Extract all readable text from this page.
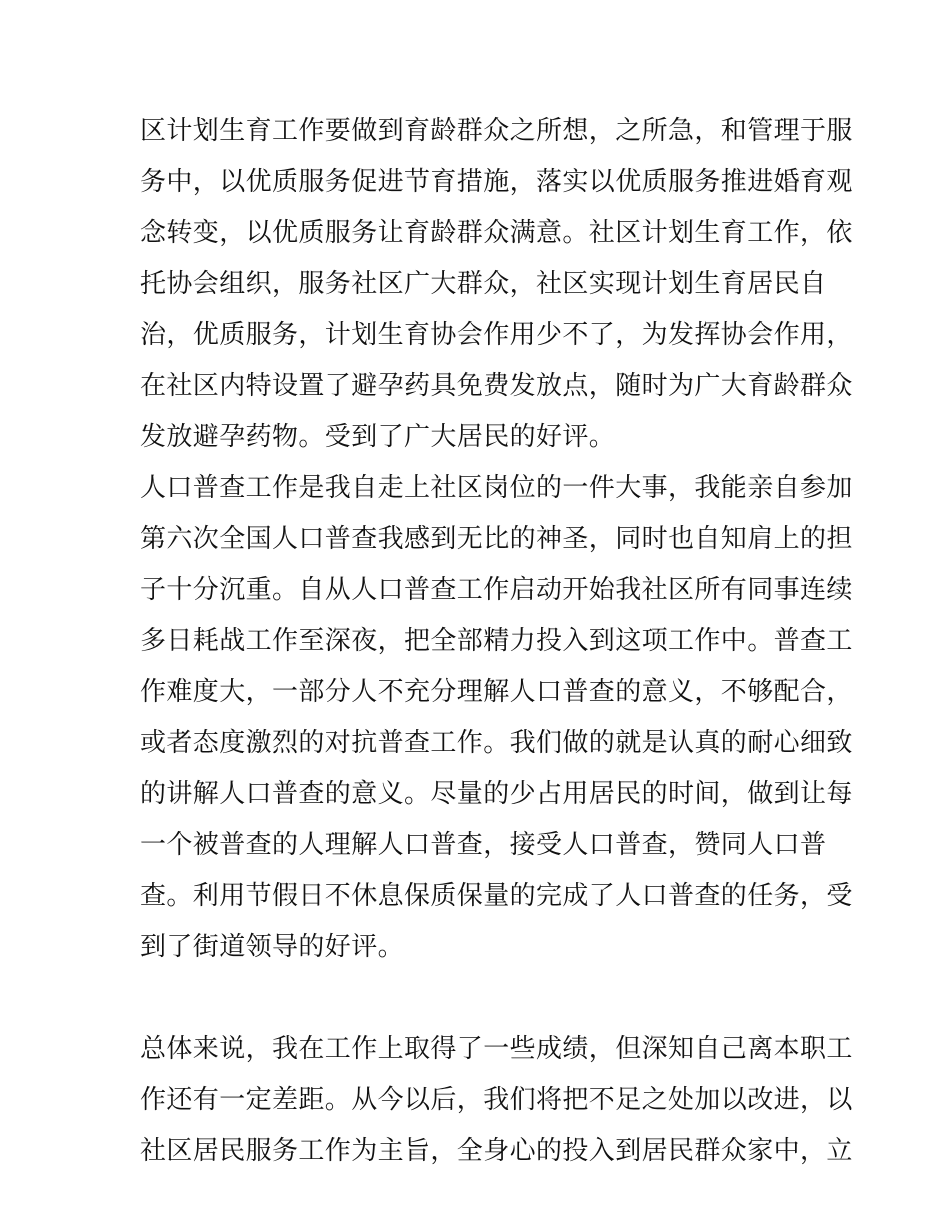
区计划生育工作要做到育龄群众之所想，之所急，和管理于服
务中，以优质服务促进节育措施，落实以优质服务推进婚育观
念转变，以优质服务让育龄群众满意。社区计划生育工作，依
托协会组织，服务社区广大群众，社区实现计划生育居民自
治，优质服务，计划生育协会作用少不了，为发挥协会作用，
在社区内特设置了避孕药具免费发放点，随时为广大育龄群众
发放避孕药物。受到了广大居民的好评。
人口普查工作是我自走上社区岗位的一件大事，我能亲自参加
第六次全国人口普查我感到无比的神圣，同时也自知肩上的担
子十分沉重。自从人口普查工作启动开始我社区所有同事连续
多日耗战工作至深夜，把全部精力投入到这项工作中。普查工
作难度大，一部分人不充分理解人口普查的意义，不够配合，
或者态度激烈的对抗普查工作。我们做的就是认真的耐心细致
的讲解人口普查的意义。尽量的少占用居民的时间，做到让每
一个被普查的人理解人口普查，接受人口普查，赞同人口普
查。利用节假日不休息保质保量的完成了人口普查的任务，受
到了街道领导的好评。
总体来说，我在工作上取得了一些成绩，但深知自己离本职工
作还有一定差距。从今以后，我们将把不足之处加以改进，以
社区居民服务工作为主旨，全身心的投入到居民群众家中，立
